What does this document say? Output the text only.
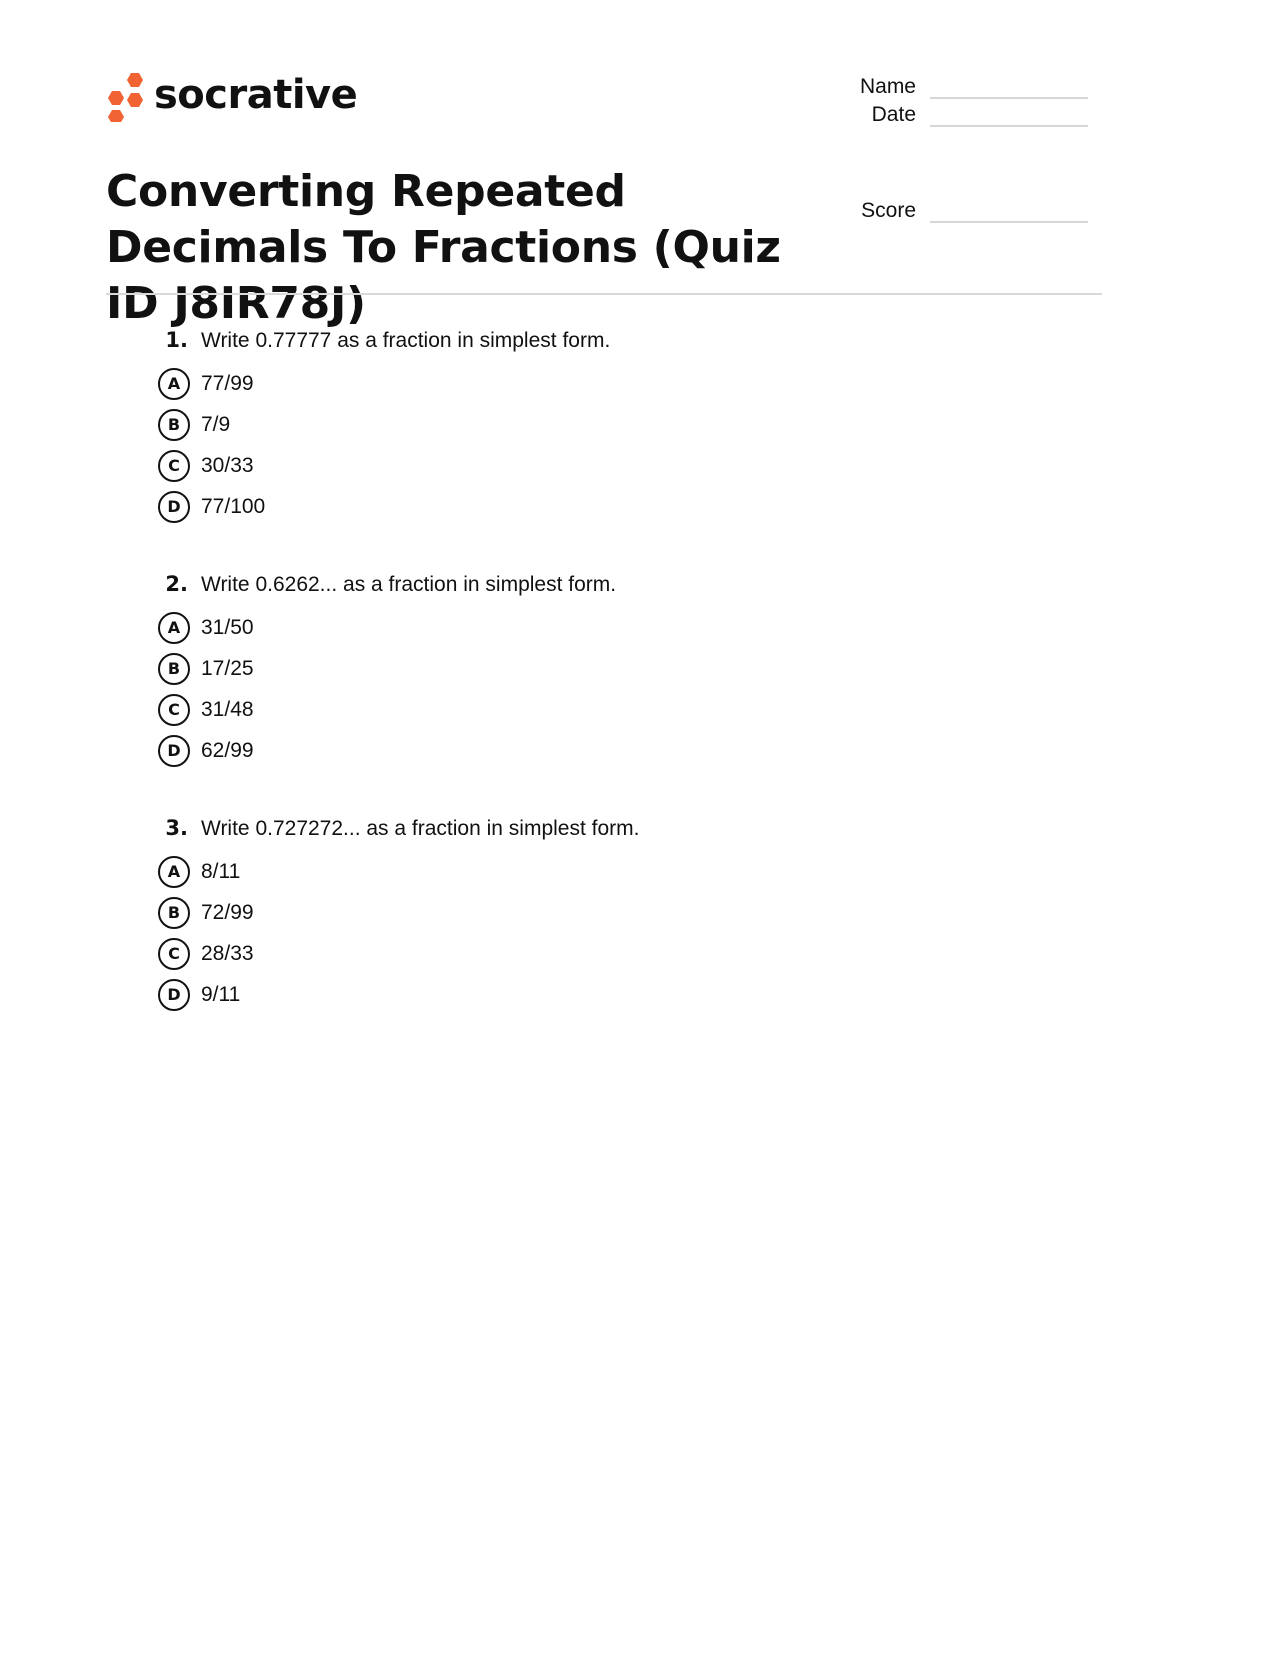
socrative	Name
Date
Score
Converting Repeated Decimals To Fractions (Quiz ID J8IR78J)
1. Write 0.77777 as a fraction in simplest form.
A 77/99
B 7/9
C	30/33
D 77/100
2. Write 0.6262... as a fraction in simplest form.
A 31/50
B 17/25
C	31/48
D 62/99
3. Write 0.727272... as a fraction in simplest form.
A 8/11
B 72/99
C	28/33
D 9/11
